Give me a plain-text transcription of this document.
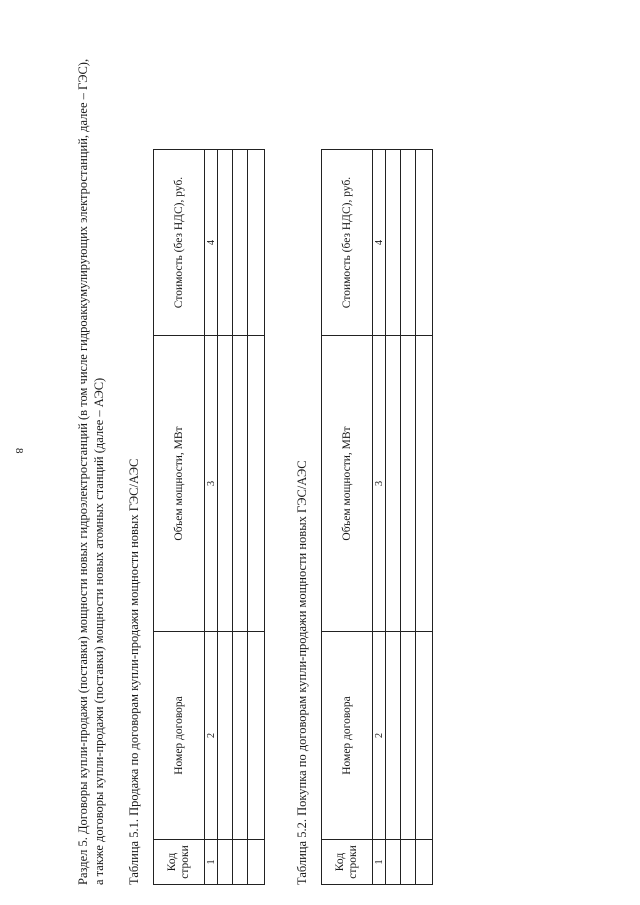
8	Раздел 5. Договоры купли-продажи (поставки) мощности новых гидроэлектростанций (в том числе гидроаккумулирующих электростанций, далее – ГЭС), а также договоры купли-продажи (поставки) мощности новых атомных станций (далее – АЭС) Таблица 5.1. Продажа по договорам купли-продажи мощности новых ГЭС/АЭС Код строки	Номер договора	Объем мощности, МВт	Стоимость (без НДС), руб.
1	2	3	4

Таблица 5.2. Покупка по договорам купли-продажи мощности новых ГЭС/АЭС Код строки	Номер договора	Объем мощности, МВт	Стоимость (без НДС), руб.
1	2	3	4
